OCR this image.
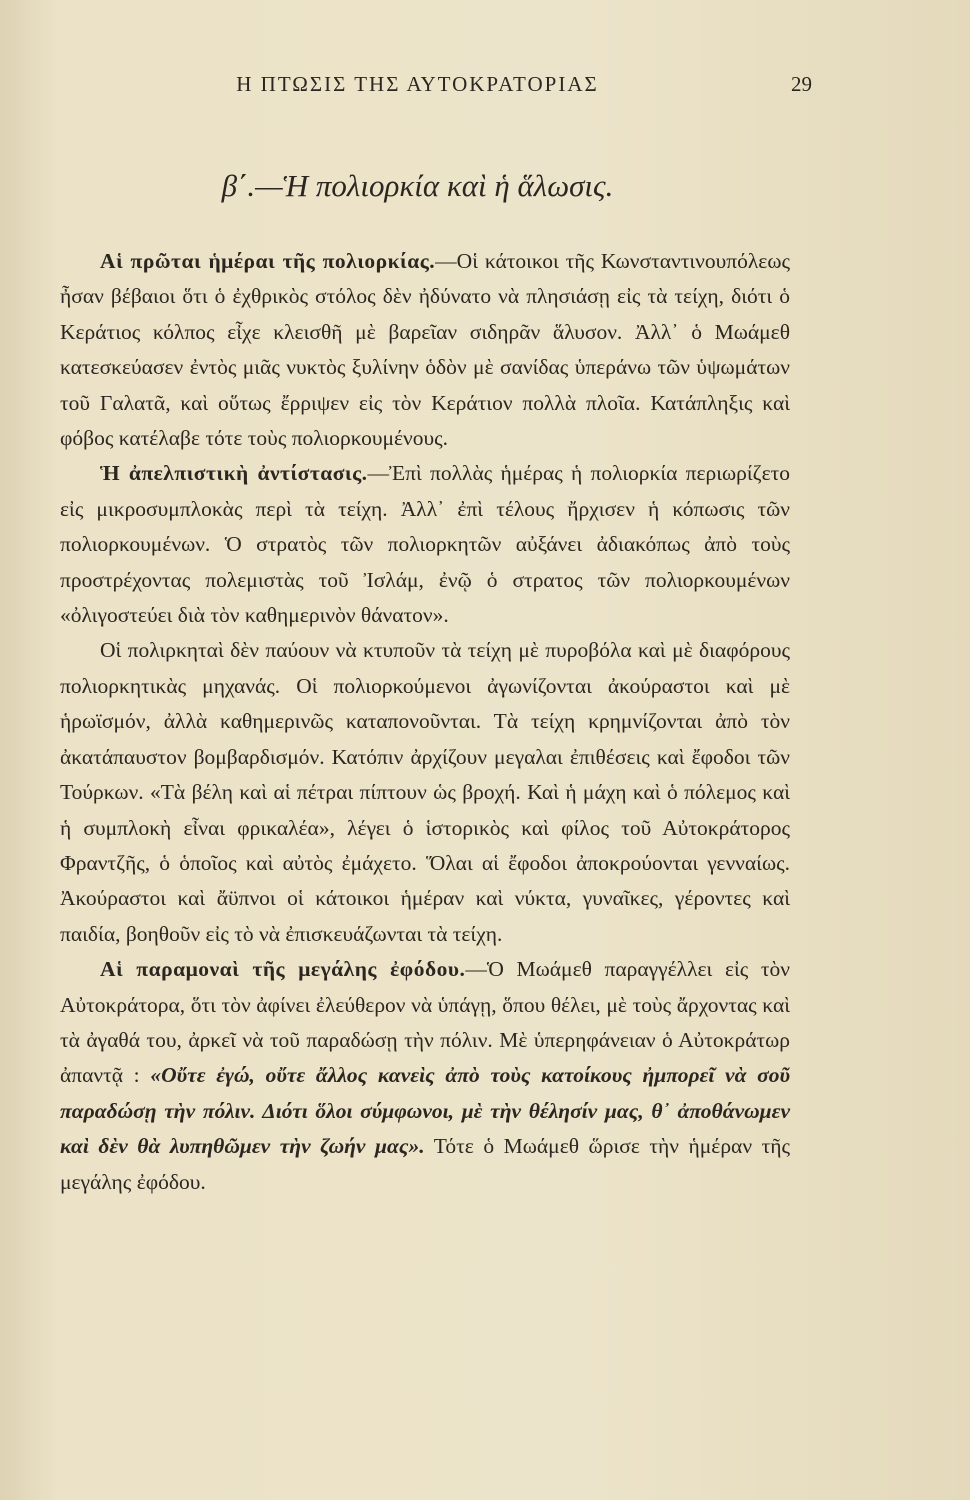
Η ΠΤΩΣΙΣ ΤΗΣ ΑΥΤΟΚΡΑΤΟΡΙΑΣ	29
β΄.—Ἡ πολιορκία καὶ ἡ ἅλωσις.

Αἱ πρῶται ἡμέραι τῆς πολιορκίας.—Οἱ κάτοικοι τῆς Κωνσταντινουπόλεως ἦσαν βέβαιοι ὅτι ὁ ἐχθρικὸς στόλος δὲν ἠδύνατο νὰ πλησιάσῃ εἰς τὰ τείχη, διότι ὁ Κεράτιος κόλπος εἶχε κλεισθῆ μὲ βαρεῖαν σιδηρᾶν ἅλυσον. Ἀλλ᾽ ὁ Μωάμεθ κατεσκεύασεν ἐντὸς μιᾶς νυκτὸς ξυλίνην ὁδὸν μὲ σανίδας ὑπεράνω τῶν ὑψωμάτων τοῦ Γαλατᾶ, καὶ οὕτως ἔρριψεν εἰς τὸν Κεράτιον πολλὰ πλοῖα. Κατάπληξις καὶ φόβος κατέλαβε τότε τοὺς πολιορκουμένους.

Ἡ ἀπελπιστικὴ ἀντίστασις.—Ἐπὶ πολλὰς ἡμέρας ἡ πολιορκία περιωρίζετο εἰς μικροσυμπλοκὰς περὶ τὰ τείχη. Ἀλλ᾽ ἐπὶ τέλους ἤρχισεν ἡ κόπωσις τῶν πολιορκουμένων. Ὁ στρατὸς τῶν πολιορκητῶν αὐξάνει ἀδιακόπως ἀπὸ τοὺς προστρέχοντας πολεμιστὰς τοῦ Ἰσλάμ, ἐνῷ ὁ στρατος τῶν πολιορκουμένων «ὀλιγοστεύει διὰ τὸν καθημερινὸν θάνατον».

Οἱ πολιρκηταὶ δὲν παύουν νὰ κτυποῦν τὰ τείχη μὲ πυροβόλα καὶ μὲ διαφόρους πολιορκητικὰς μηχανάς. Οἱ πολιορκούμενοι ἀγωνίζονται ἀκούραστοι καὶ μὲ ἡρωϊσμόν, ἀλλὰ καθημερινῶς καταπονοῦνται. Τὰ τείχη κρημνίζονται ἀπὸ τὸν ἀκατάπαυστον βομβαρδισμόν. Κατόπιν ἀρχίζουν μεγαλαι ἐπιθέσεις καὶ ἔφοδοι τῶν Τούρκων. «Τὰ βέλη καὶ αἱ πέτραι πίπτουν ὡς βροχή. Καὶ ἡ μάχη καὶ ὁ πόλεμος καὶ ἡ συμπλοκὴ εἶναι φρικαλέα», λέγει ὁ ἱστορικὸς καὶ φίλος τοῦ Αὐτοκράτορος Φραντζῆς, ὁ ὁποῖος καὶ αὐτὸς ἐμάχετο. Ὅλαι αἱ ἔφοδοι ἀποκρούονται γενναίως. Ἀκούραστοι καὶ ἄϋπνοι οἱ κάτοικοι ἡμέραν καὶ νύκτα, γυναῖκες, γέροντες καὶ παιδία, βοηθοῦν εἰς τὸ νὰ ἐπισκευάζωνται τὰ τείχη.

Αἱ παραμοναὶ τῆς μεγάλης ἐφόδου.—Ὁ Μωάμεθ παραγγέλλει εἰς τὸν Αὐτοκράτορα, ὅτι τὸν ἀφίνει ἐλεύθερον νὰ ὑπάγῃ, ὅπου θέλει, μὲ τοὺς ἄρχοντας καὶ τὰ ἀγαθά του, ἀρκεῖ νὰ τοῦ παραδώσῃ τὴν πόλιν. Μὲ ὑπερηφάνειαν ὁ Αὐτοκράτωρ ἀπαντᾷ : «Οὔτε ἐγώ, οὔτε ἄλλος κανεὶς ἀπὸ τοὺς κατοίκους ἠμπορεῖ νὰ σοῦ παραδώσῃ τὴν πόλιν. Διότι ὅλοι σύμφωνοι, μὲ τὴν θέλησίν μας, θ᾽ ἀποθάνωμεν καὶ δὲν θὰ λυπηθῶμεν τὴν ζωήν μας». Τότε ὁ Μωάμεθ ὥρισε τὴν ἡμέραν τῆς μεγάλης ἐφόδου.
